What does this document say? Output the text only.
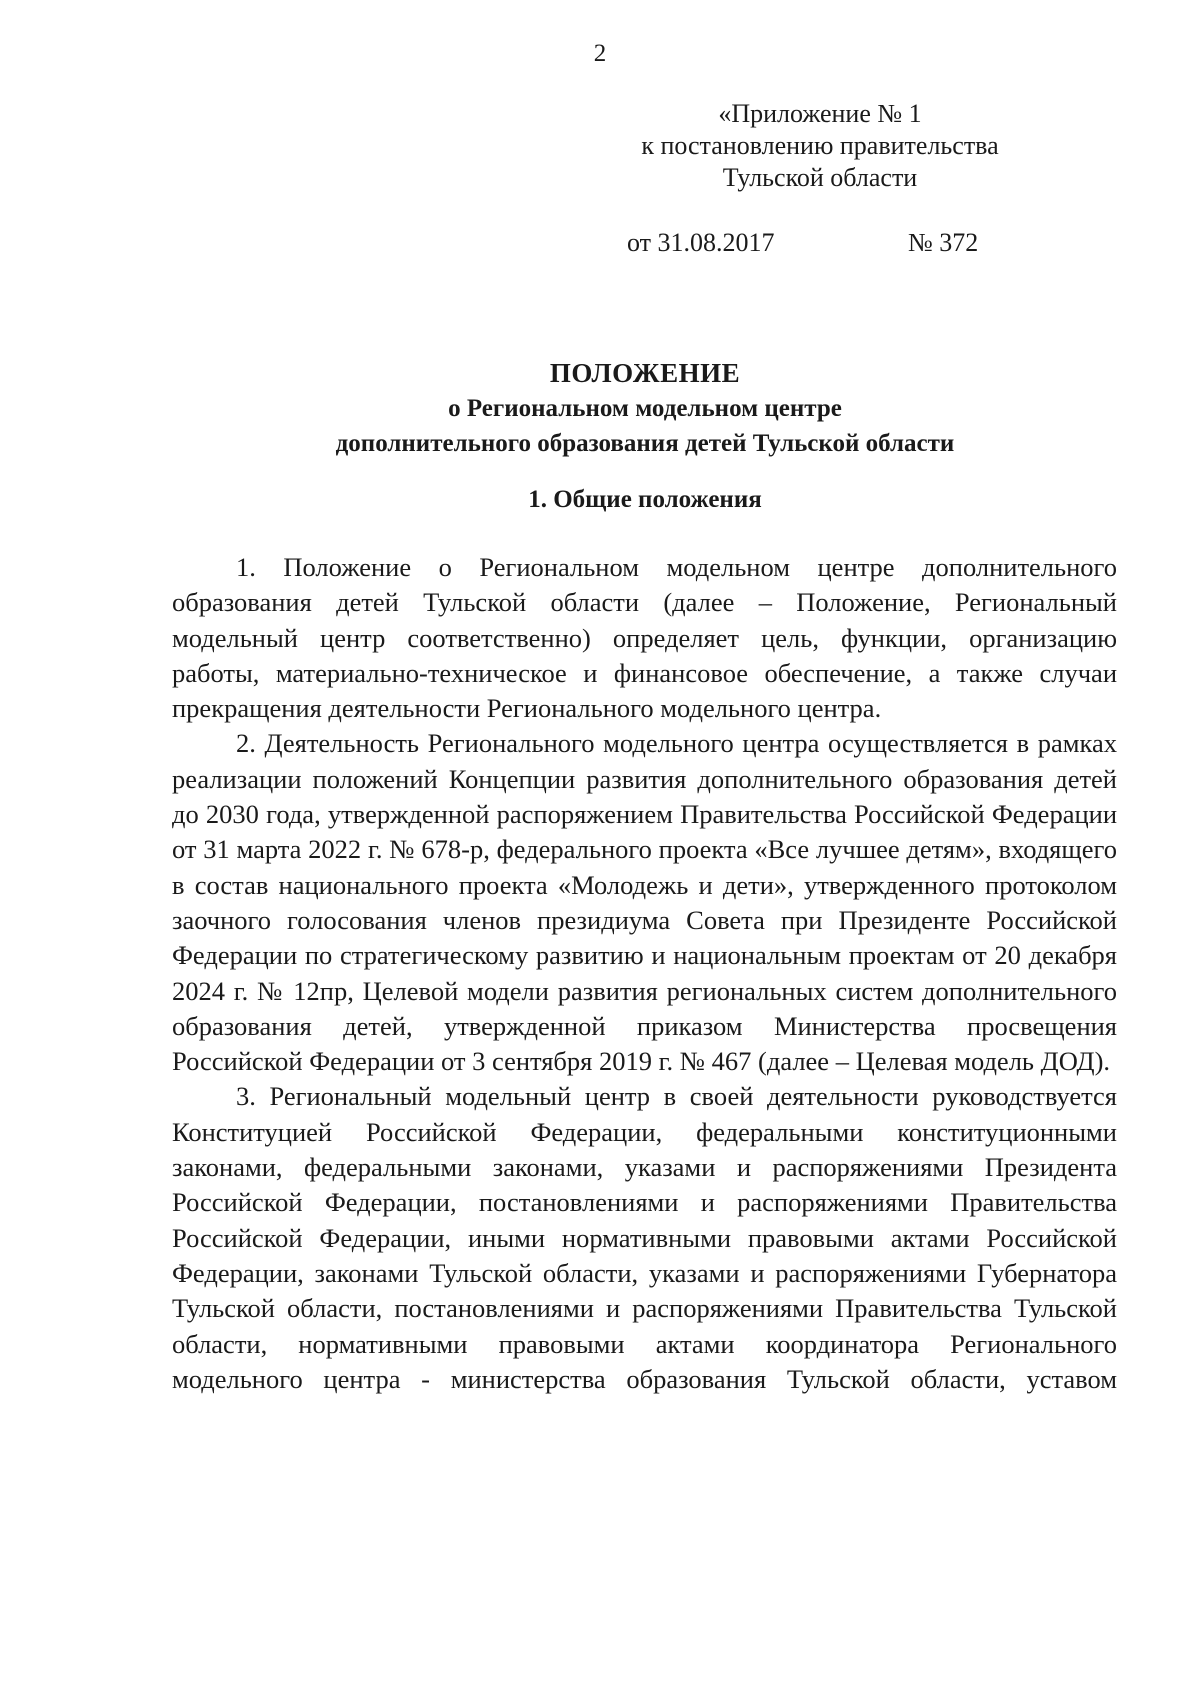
2
«Приложение № 1
к постановлению правительства
Тульской области
от 31.08.2017	№ 372
ПОЛОЖЕНИЕ
о Региональном модельном центре
дополнительного образования детей Тульской области
1. Общие положения

1. Положение о Региональном модельном центре дополнительного образования детей Тульской области (далее – Положение, Региональный модельный центр соответственно) определяет цель, функции, организацию работы, материально-техническое и финансовое обеспечение, а также случаи прекращения деятельности Регионального модельного центра.

2. Деятельность Регионального модельного центра осуществляется в рамках реализации положений Концепции развития дополнительного образования детей до 2030 года, утвержденной распоряжением Правительства Российской Федерации от 31 марта 2022 г. № 678-р, федерального проекта «Все лучшее детям», входящего в состав национального проекта «Молодежь и дети», утвержденного протоколом заочного голосования членов президиума Совета при Президенте Российской Федерации по стратегическому развитию и национальным проектам от 20 декабря 2024 г. № 12пр, Целевой модели развития региональных систем дополнительного образования детей, утвержденной приказом Министерства просвещения Российской Федерации от 3 сентября 2019 г. № 467 (далее – Целевая модель ДОД).

3. Региональный модельный центр в своей деятельности руководствуется Конституцией Российской Федерации, федеральными конституционными законами, федеральными законами, указами и распоряжениями Президента Российской Федерации, постановлениями и распоряжениями Правительства Российской Федерации, иными нормативными правовыми актами Российской Федерации, законами Тульской области, указами и распоряжениями Губернатора Тульской области, постановлениями и распоряжениями Правительства Тульской области, нормативными правовыми актами координатора Регионального модельного центра - министерства образования Тульской области, уставом
